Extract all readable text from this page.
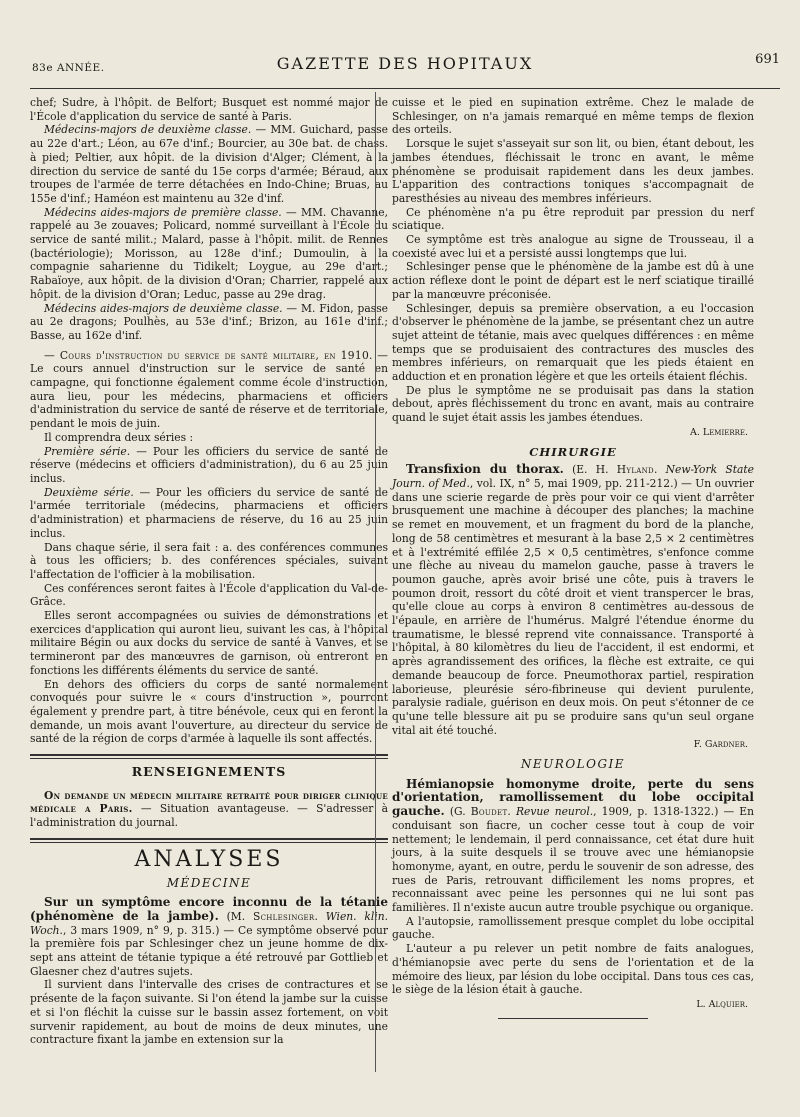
83e ANNÉE.	GAZETTE DES HOPITAUX	691

chef; Sudre, à l'hôpit. de Belfort; Busquet est nommé major de l'École d'application du service de santé à Paris.

Médecins-majors de deuxième classe. — MM. Guichard, passe au 22e d'art.; Léon, au 67e d'inf.; Bourcier, au 30e bat. de chass. à pied; Peltier, aux hôpit. de la division d'Alger; Clément, à la direction du service de santé du 15e corps d'armée; Béraud, aux troupes de l'armée de terre détachées en Indo-Chine; Bruas, au 155e d'inf.; Haméon est maintenu au 32e d'inf.

Médecins aides-majors de première classe. — MM. Chavanne, rappelé au 3e zouaves; Policard, nommé surveillant à l'École du service de santé milit.; Malard, passe à l'hôpit. milit. de Rennes (bactériologie); Morisson, au 128e d'inf.; Dumoulin, à la compagnie saharienne du Tidikelt; Loygue, au 29e d'art.; Rabaïoye, aux hôpit. de la division d'Oran; Charrier, rappelé aux hôpit. de la division d'Oran; Leduc, passe au 29e drag.

Médecins aides-majors de deuxième classe. — M. Fidon, passe au 2e dragons; Poulhès, au 53e d'inf.; Brizon, au 161e d'inf.; Basse, au 162e d'inf.

— Cours d'instruction du service de santé militaire, en 1910. — Le cours annuel d'instruction sur le service de santé en campagne, qui fonctionne également comme école d'instruction, aura lieu, pour les médecins, pharmaciens et officiers d'administration du service de santé de réserve et de territoriale, pendant le mois de juin.

Il comprendra deux séries :

Première série. — Pour les officiers du service de santé de réserve (médecins et officiers d'administration), du 6 au 25 juin inclus.

Deuxième série. — Pour les officiers du service de santé de l'armée territoriale (médecins, pharmaciens et officiers d'administration) et pharmaciens de réserve, du 16 au 25 juin inclus.

Dans chaque série, il sera fait : a. des conférences communes à tous les officiers; b. des conférences spéciales, suivant l'affectation de l'officier à la mobilisation.

Ces conférences seront faites à l'École d'application du Val-de-Grâce.

Elles seront accompagnées ou suivies de démonstrations et exercices d'application qui auront lieu, suivant les cas, à l'hôpital militaire Bégin ou aux docks du service de santé à Vanves, et se termineront par des manœuvres de garnison, où entreront en fonctions les différents éléments du service de santé.

En dehors des officiers du corps de santé normalement convoqués pour suivre le « cours d'instruction », pourront également y prendre part, à titre bénévole, ceux qui en feront la demande, un mois avant l'ouverture, au directeur du service de santé de la région de corps d'armée à laquelle ils sont affectés.

RENSEIGNEMENTS

On demande un médecin militaire retraité pour diriger clinique médicale a Paris. — Situation avantageuse. — S'adresser à l'administration du journal.

ANALYSES
MÉDECINE

Sur un symptôme encore inconnu de la tétanie (phénomène de la jambe). (M. Schlesinger. Wien. klin. Woch., 3 mars 1909, n° 9, p. 315.) — Ce symptôme observé pour la première fois par Schlesinger chez un jeune homme de dix-sept ans atteint de tétanie typique a été retrouvé par Gottlieb et Glaesner chez d'autres sujets.

Il survient dans l'intervalle des crises de contractures et se présente de la façon suivante. Si l'on étend la jambe sur la cuisse et si l'on fléchit la cuisse sur le bassin assez fortement, on voit survenir rapidement, au bout de moins de deux minutes, une contracture fixant la jambe en extension sur la

cuisse et le pied en supination extrême. Chez le malade de Schlesinger, on n'a jamais remarqué en même temps de flexion des orteils.

Lorsque le sujet s'asseyait sur son lit, ou bien, étant debout, les jambes étendues, fléchissait le tronc en avant, le même phénomène se produisait rapidement dans les deux jambes. L'apparition des contractions toniques s'accompagnait de paresthésies au niveau des membres inférieurs.

Ce phénomène n'a pu être reproduit par pression du nerf sciatique.

Ce symptôme est très analogue au signe de Trousseau, il a coexisté avec lui et a persisté aussi longtemps que lui.

Schlesinger pense que le phénomène de la jambe est dû à une action réflexe dont le point de départ est le nerf sciatique tiraillé par la manœuvre préconisée.

Schlesinger, depuis sa première observation, a eu l'occasion d'observer le phénomène de la jambe, se présentant chez un autre sujet atteint de tétanie, mais avec quelques différences : en même temps que se produisaient des contractures des muscles des membres inférieurs, on remarquait que les pieds étaient en adduction et en pronation légère et que les orteils étaient fléchis.

De plus le symptôme ne se produisait pas dans la station debout, après fléchissement du tronc en avant, mais au contraire quand le sujet était assis les jambes étendues.

A. Lemierre.
CHIRURGIE

Transfixion du thorax. (E. H. Hyland. New-York State Journ. of Med., vol. IX, n° 5, mai 1909, pp. 211-212.) — Un ouvrier dans une scierie regarde de près pour voir ce qui vient d'arrêter brusquement une machine à découper des planches; la machine se remet en mouvement, et un fragment du bord de la planche, long de 58 centimètres et mesurant à la base 2,5 × 2 centimètres et à l'extrémité effilée 2,5 × 0,5 centimètres, s'enfonce comme une flèche au niveau du mamelon gauche, passe à travers le poumon gauche, après avoir brisé une côte, puis à travers le poumon droit, ressort du côté droit et vient transpercer le bras, qu'elle cloue au corps à environ 8 centimètres au-dessous de l'épaule, en arrière de l'humérus. Malgré l'étendue énorme du traumatisme, le blessé reprend vite connaissance. Transporté à l'hôpital, à 80 kilomètres du lieu de l'accident, il est endormi, et après agrandissement des orifices, la flèche est extraite, ce qui demande beaucoup de force. Pneumothorax partiel, respiration laborieuse, pleurésie séro-fibrineuse qui devient purulente, paralysie radiale, guérison en deux mois. On peut s'étonner de ce qu'une telle blessure ait pu se produire sans qu'un seul organe vital ait été touché.

F. Gardner.
NEUROLOGIE

Hémianopsie homonyme droite, perte du sens d'orientation, ramollissement du lobe occipital gauche. (G. Boudet. Revue neurol., 1909, p. 1318-1322.) — En conduisant son fiacre, un cocher cesse tout à coup de voir nettement; le lendemain, il perd connaissance, cet état dure huit jours, à la suite desquels il se trouve avec une hémianopsie homonyme, ayant, en outre, perdu le souvenir de son adresse, des rues de Paris, retrouvant difficilement les noms propres, et reconnaissant avec peine les personnes qui ne lui sont pas familières. Il n'existe aucun autre trouble psychique ou organique.

A l'autopsie, ramollissement presque complet du lobe occipital gauche.

L'auteur a pu relever un petit nombre de faits analogues, d'hémianopsie avec perte du sens de l'orientation et de la mémoire des lieux, par lésion du lobe occipital. Dans tous ces cas, le siège de la lésion était à gauche.

L. Alquier.
